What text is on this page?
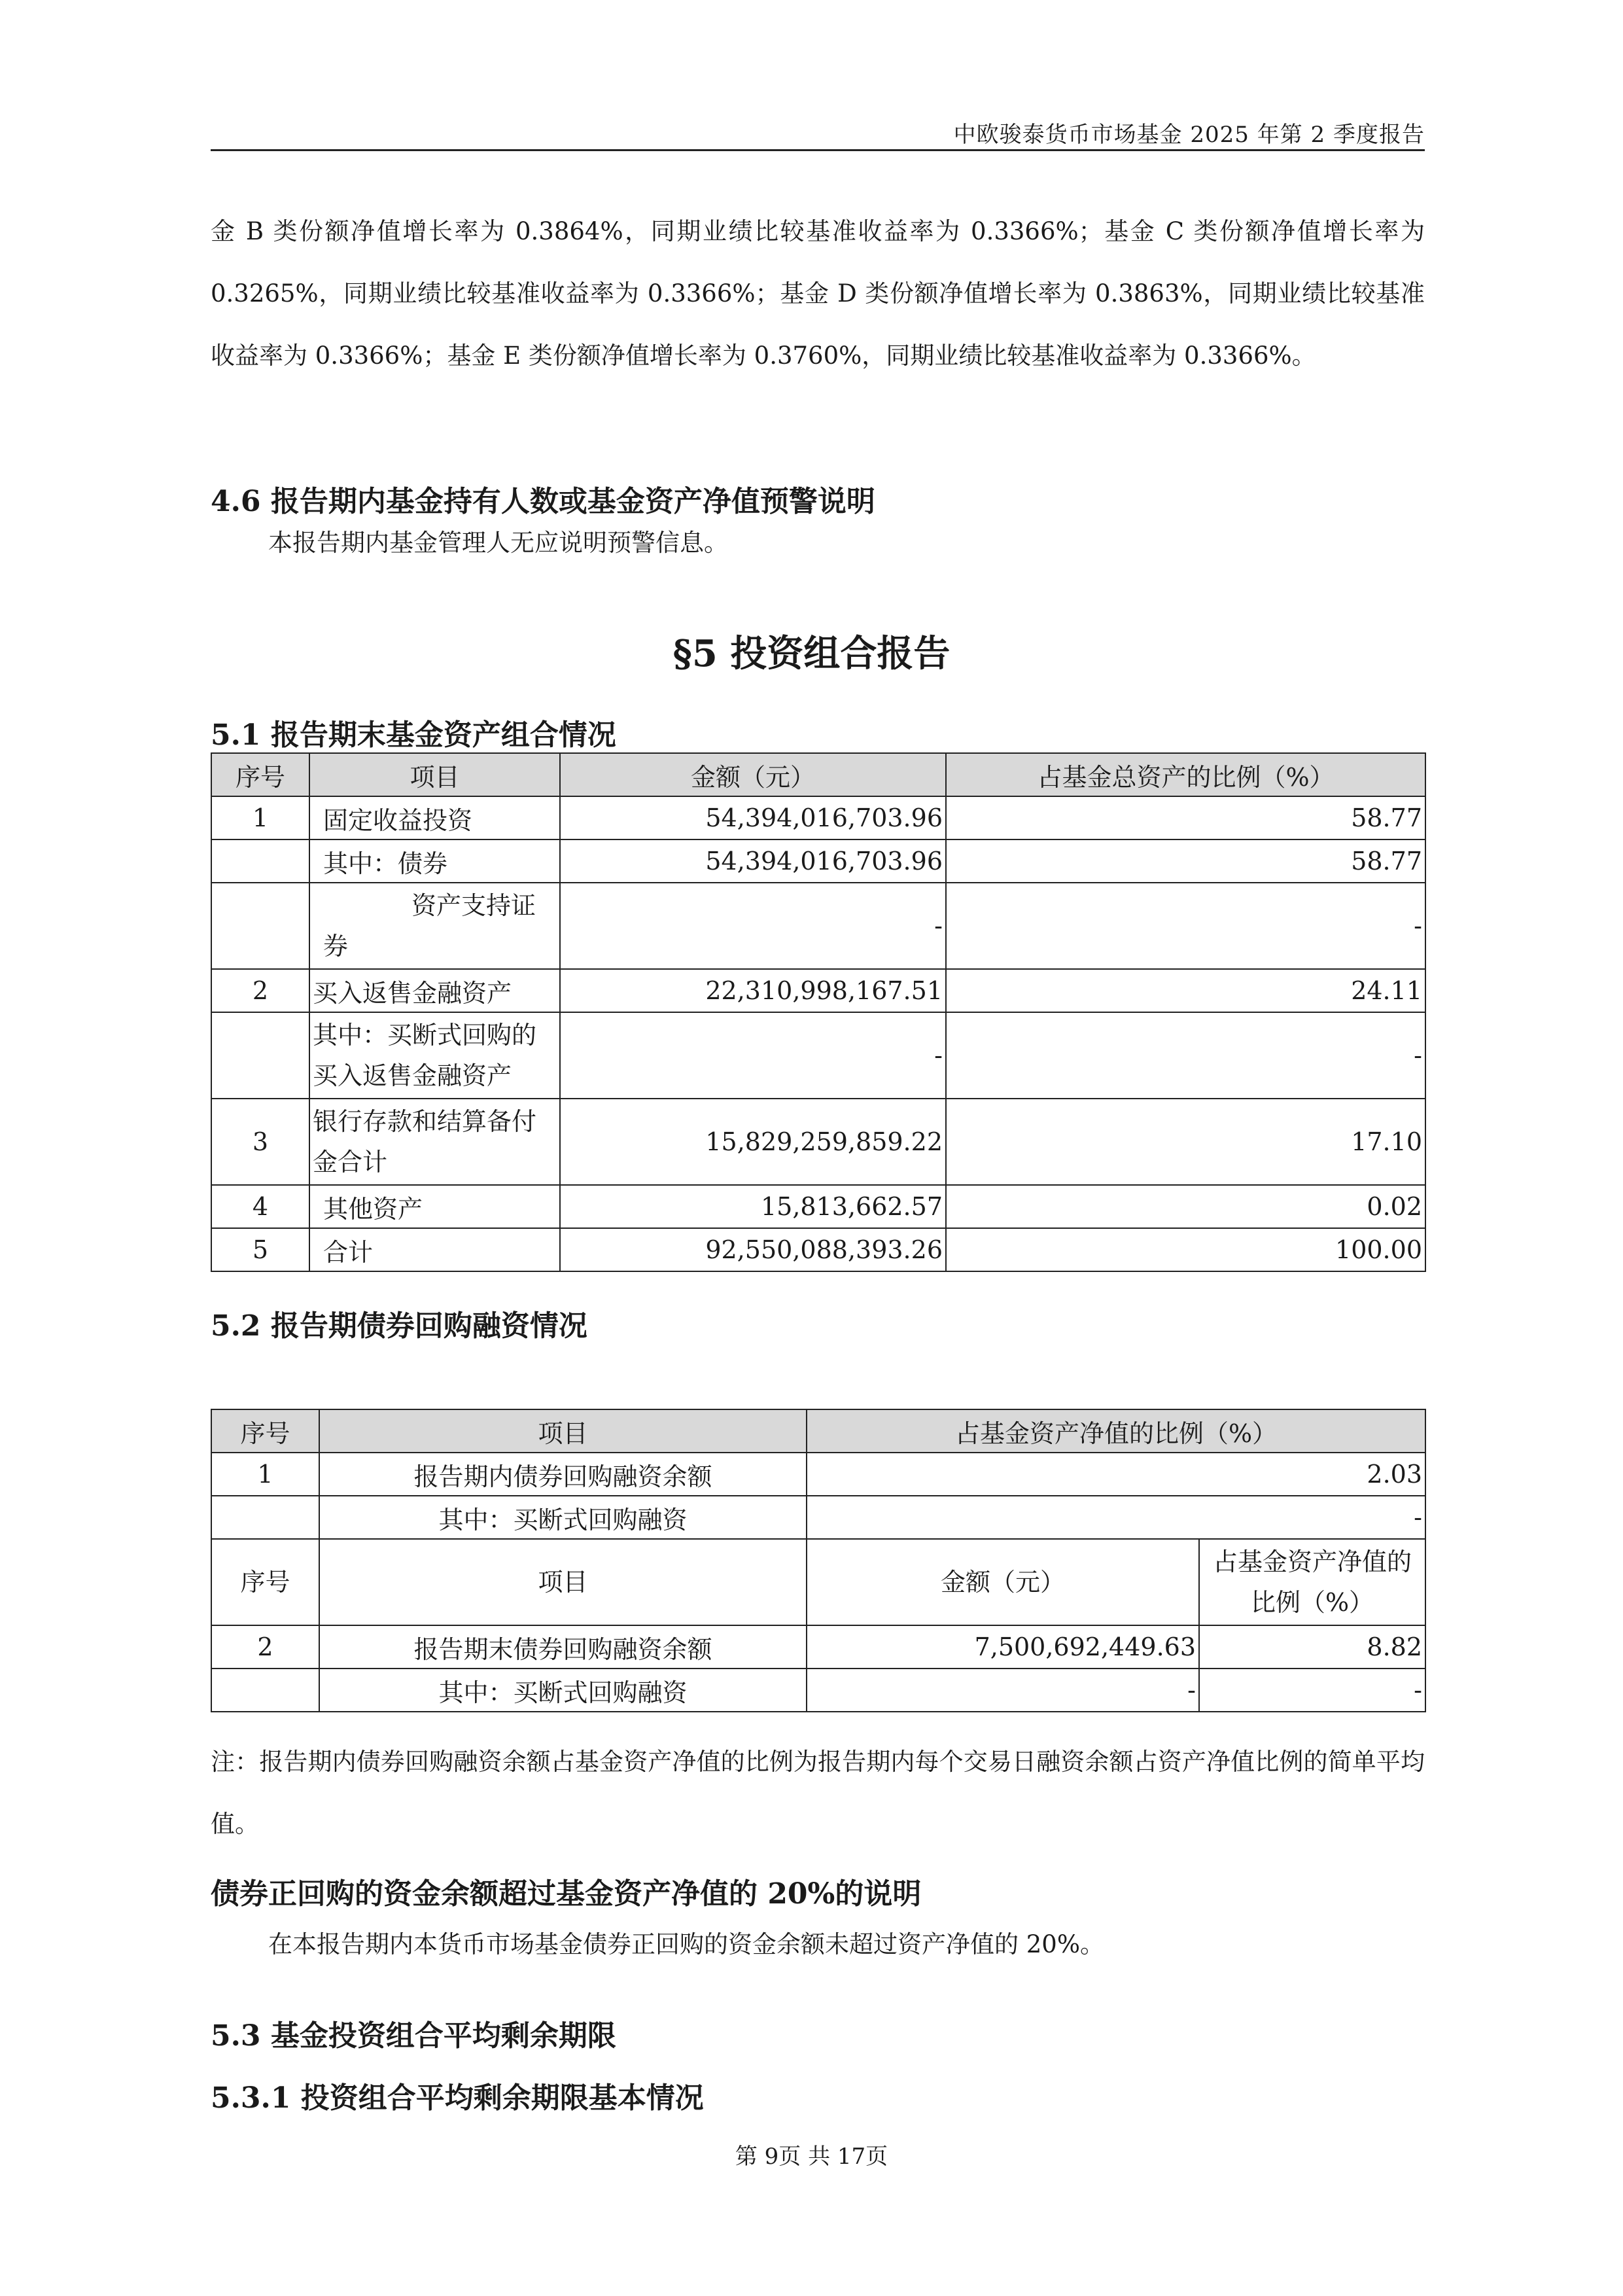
中欧骏泰货币市场基金 2025 年第 2 季度报告
金 B 类份额净值增长率为 0.3864%，同期业绩比较基准收益率为 0.3366%；基金 C 类份额净值增长率为 0.3265%，同期业绩比较基准收益率为 0.3366%；基金 D 类份额净值增长率为 0.3863%，同期业绩比较基准收益率为 0.3366%；基金 E 类份额净值增长率为 0.3760%，同期业绩比较基准收益率为 0.3366%。
4.6 报告期内基金持有人数或基金资产净值预警说明
本报告期内基金管理人无应说明预警信息。
§5 投资组合报告
5.1 报告期末基金资产组合情况
序号	项目	金额（元）	占基金总资产的比例（%）
1	固定收益投资	54,394,016,703.96	58.77
	其中：债券	54,394,016,703.96	58.77
	资产支持证券	-	-
2	买入返售金融资产	22,310,998,167.51	24.11
	其中：买断式回购的买入返售金融资产	-	-
3	银行存款和结算备付金合计	15,829,259,859.22	17.10
4	其他资产	15,813,662.57	0.02
5	合计	92,550,088,393.26	100.00
5.2 报告期债券回购融资情况
序号	项目	占基金资产净值的比例（%）	
1	报告期内债券回购融资余额	2.03	
	其中：买断式回购融资	-	
序号	项目	金额（元）	占基金资产净值的比例（%）
2	报告期末债券回购融资余额	7,500,692,449.63	8.82
	其中：买断式回购融资	-	-
注：报告期内债券回购融资余额占基金资产净值的比例为报告期内每个交易日融资余额占资产净值比例的简单平均值。
债券正回购的资金余额超过基金资产净值的 20%的说明
在本报告期内本货币市场基金债券正回购的资金余额未超过资产净值的 20%。
5.3 基金投资组合平均剩余期限
5.3.1 投资组合平均剩余期限基本情况
第 9页 共 17页
